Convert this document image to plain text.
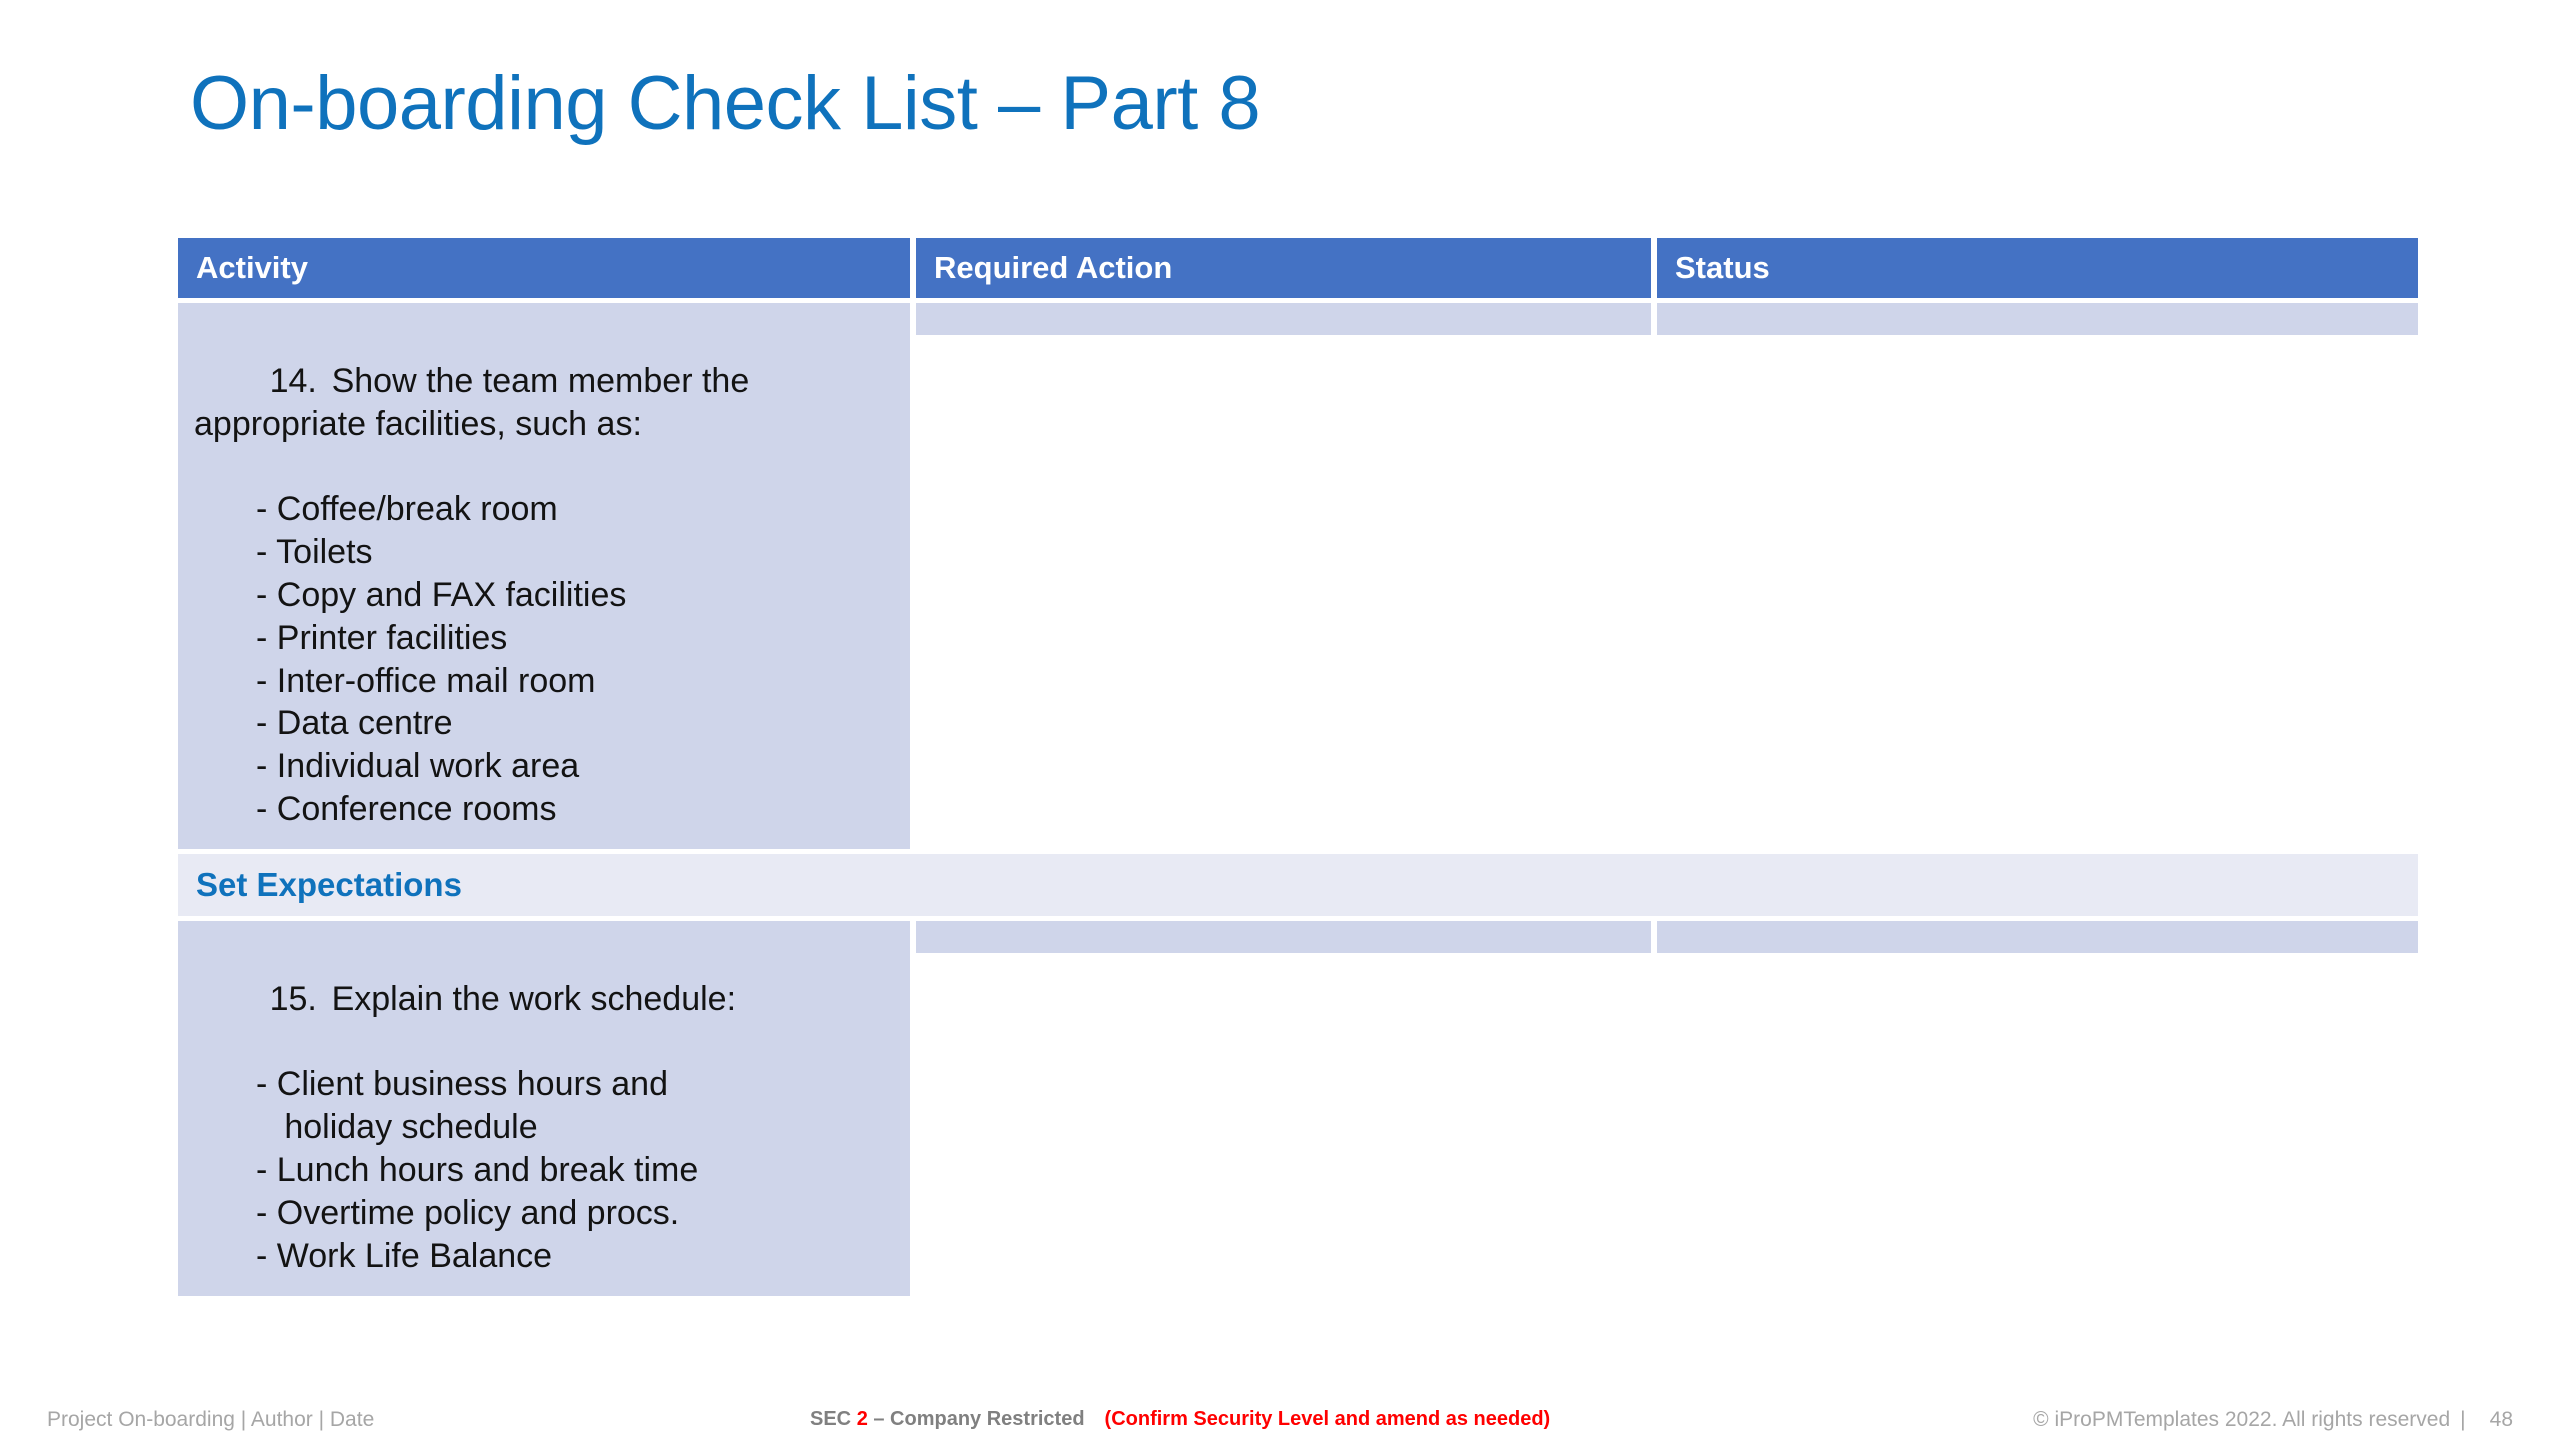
On-boarding Check List – Part 8
Activity	Required Action	Status

14. Show the team member the appropriate facilities, such as:

- Coffee/break room
- Toilets
- Copy and FAX facilities
- Printer facilities
- Inter-office mail room
- Data centre
- Individual work area
- Conference rooms
Set Expectations

15. Explain the work schedule:

- Client business hours and
holiday schedule
- Lunch hours and break time
- Overtime policy and procs.
- Work Life Balance
Project On-boarding | Author | Date	SEC 2 – Company Restricted (Confirm Security Level and amend as needed)	© iProPMTemplates 2022. All rights reserved | 48
